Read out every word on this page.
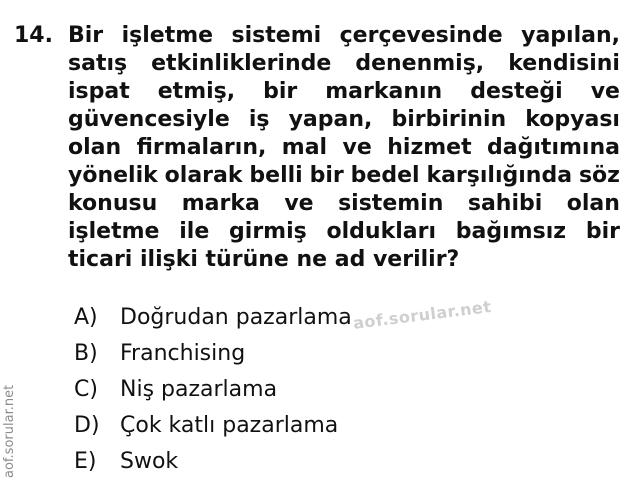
14. Bir işletme sistemi çerçevesinde yapılan,
satış etkinliklerinde denenmiş, kendisini
ispat etmiş, bir markanın desteği ve
güvencesiyle iş yapan, birbirinin kopyası
olan firmaların, mal ve hizmet dağıtımına
yönelik olarak belli bir bedel karşılığında söz
konusu marka ve sistemin sahibi olan
işletme ile girmiş oldukları bağımsız bir
ticari ilişki türüne ne ad verilir?
A)	Doğrudan pazarlama
B)	Franchising
C)	Niş pazarlama
D) Çok katlı pazarlama
E)	Swok
aof.sorular.net
aof.sorular.net
